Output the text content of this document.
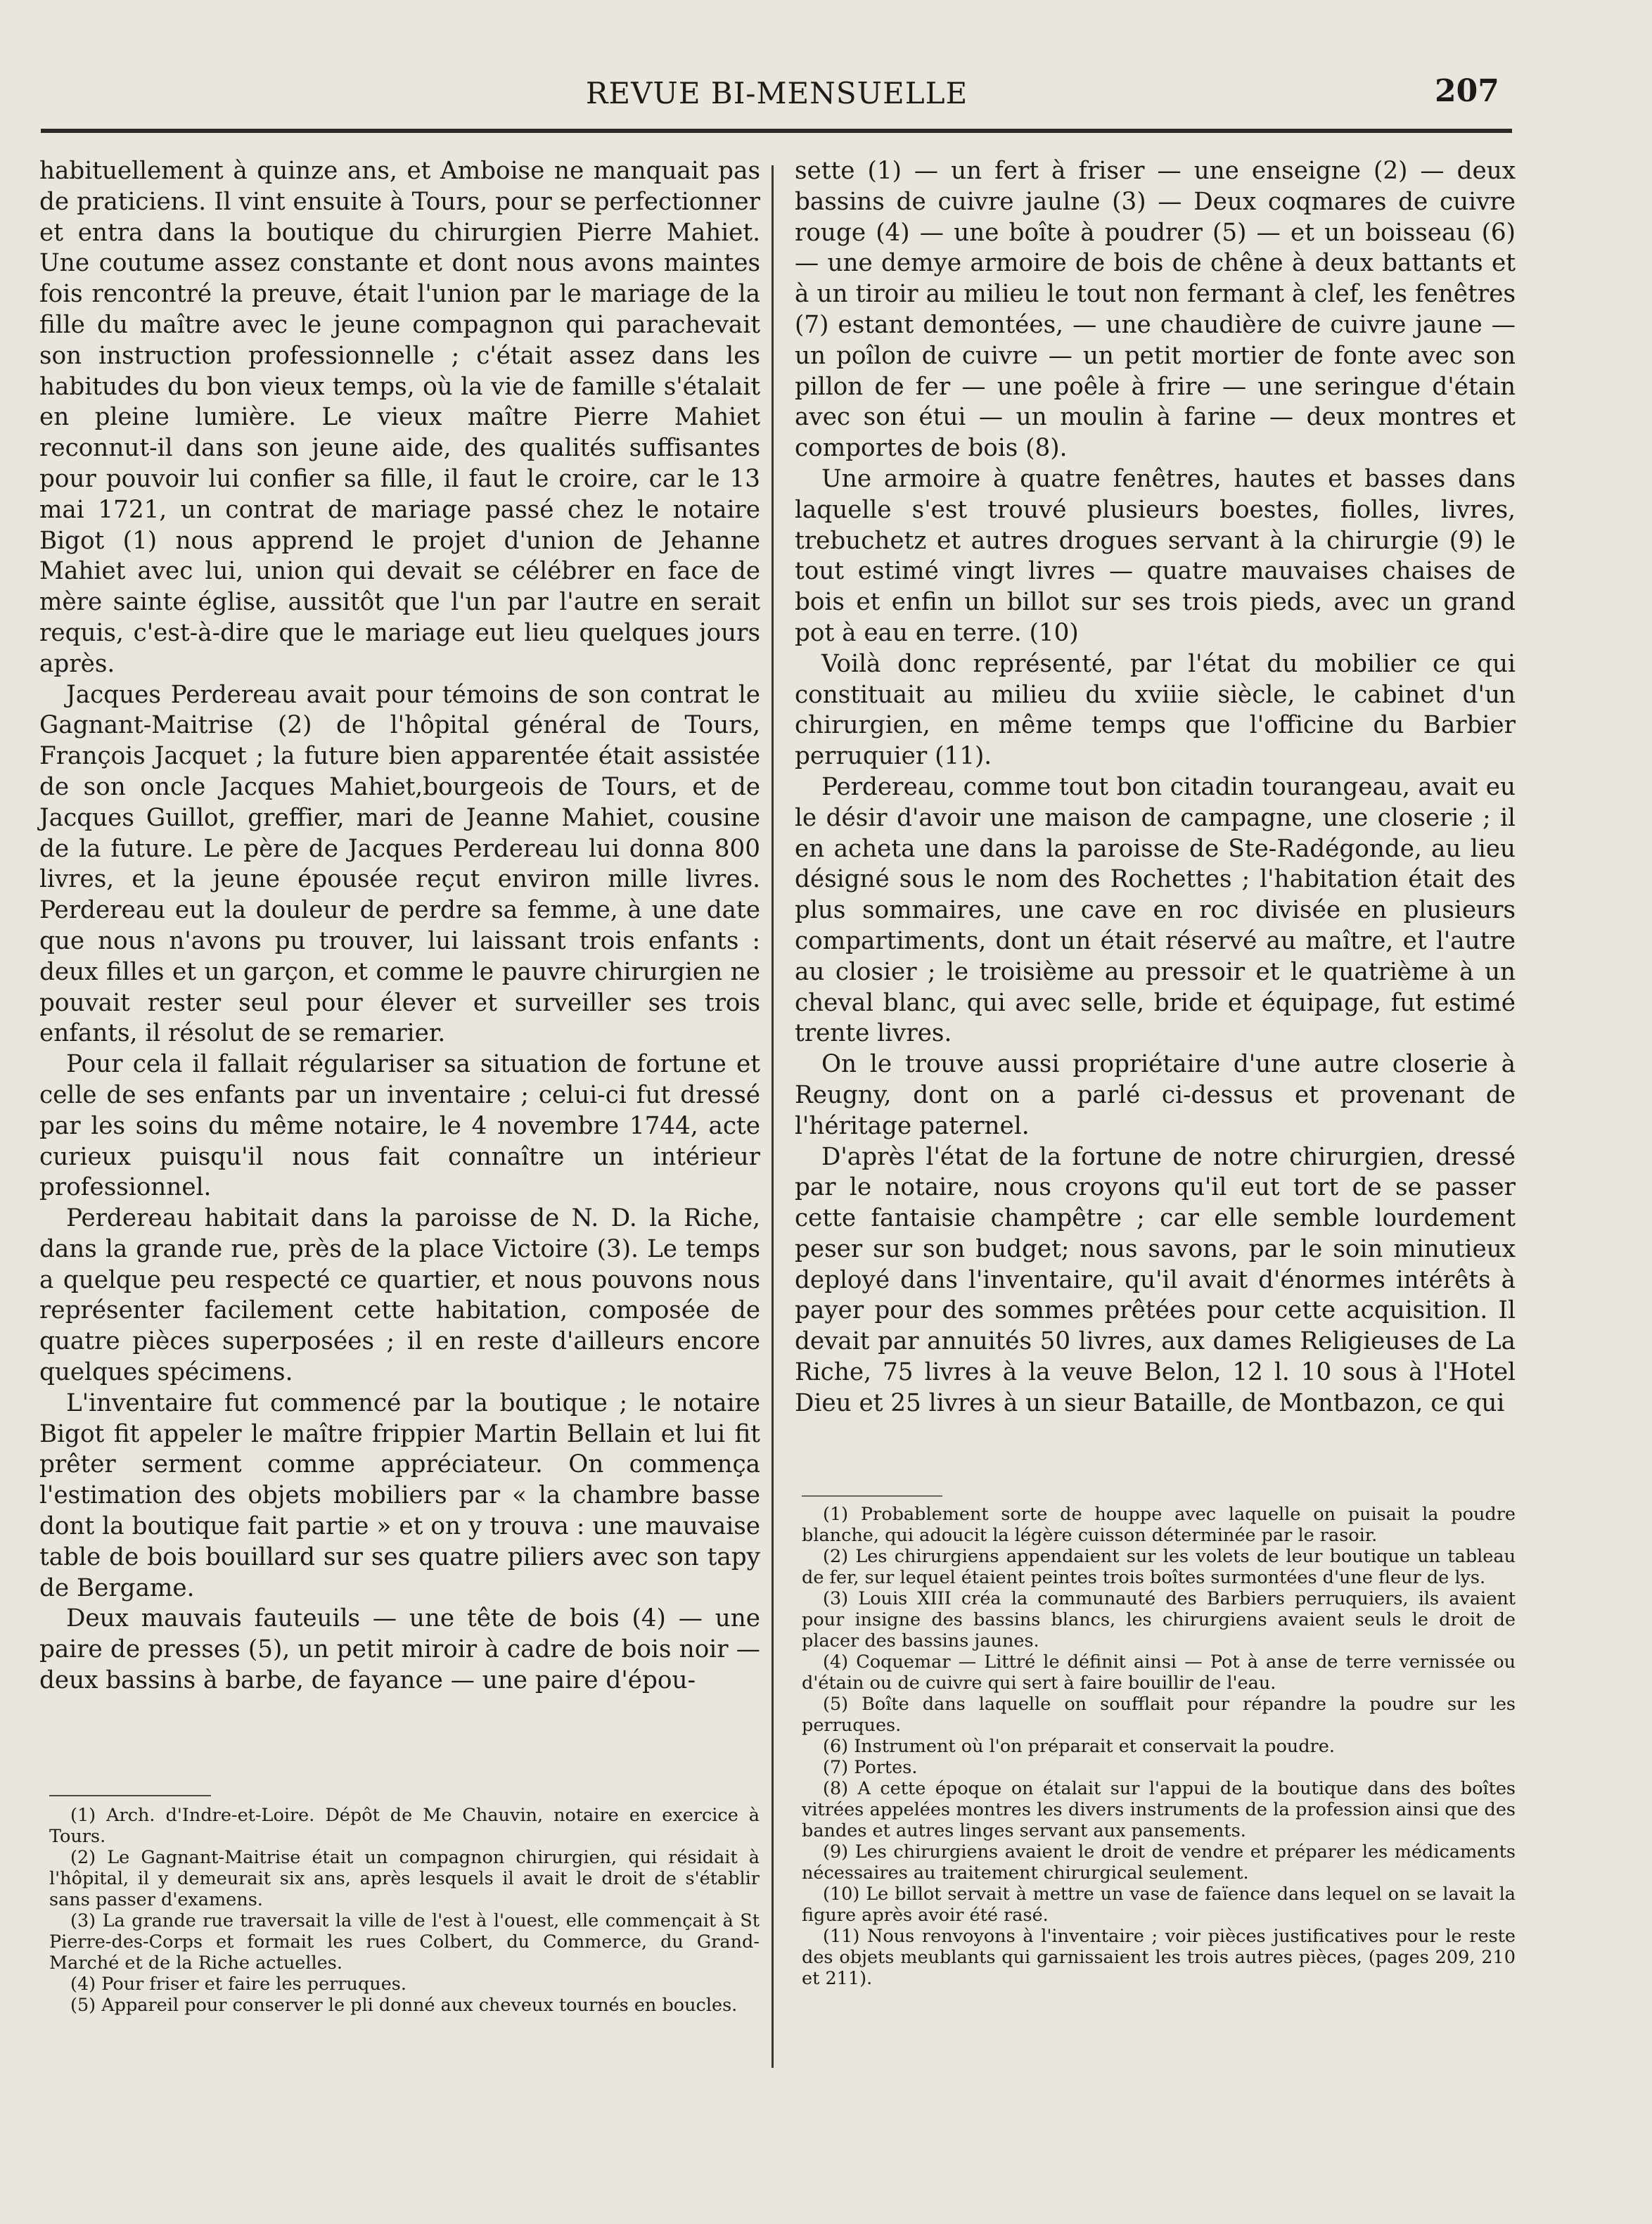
REVUE BI-MENSUELLE	207

habituellement à quinze ans, et Amboise ne manquait pas de praticiens. Il vint ensuite à Tours, pour se perfectionner et entra dans la boutique du chirurgien Pierre Mahiet. Une coutume assez constante et dont nous avons maintes fois rencontré la preuve, était l'union par le mariage de la fille du maître avec le jeune compagnon qui parachevait son instruction professionnelle ; c'était assez dans les habitudes du bon vieux temps, où la vie de famille s'étalait en pleine lumière. Le vieux maître Pierre Mahiet reconnut-il dans son jeune aide, des qualités suffisantes pour pouvoir lui confier sa fille, il faut le croire, car le 13 mai 1721, un contrat de mariage passé chez le notaire Bigot (1) nous apprend le projet d'union de Jehanne Mahiet avec lui, union qui devait se célébrer en face de mère sainte église, aussitôt que l'un par l'autre en serait requis, c'est-à-dire que le mariage eut lieu quelques jours après.

Jacques Perdereau avait pour témoins de son contrat le Gagnant-Maitrise (2) de l'hôpital général de Tours, François Jacquet ; la future bien apparentée était assistée de son oncle Jacques Mahiet,bourgeois de Tours, et de Jacques Guillot, greffier, mari de Jeanne Mahiet, cousine de la future. Le père de Jacques Perdereau lui donna 800 livres, et la jeune épousée reçut environ mille livres. Perdereau eut la douleur de perdre sa femme, à une date que nous n'avons pu trouver, lui laissant trois enfants : deux filles et un garçon, et comme le pauvre chirurgien ne pouvait rester seul pour élever et surveiller ses trois enfants, il résolut de se remarier.

Pour cela il fallait régulariser sa situation de fortune et celle de ses enfants par un inventaire ; celui-ci fut dressé par les soins du même notaire, le 4 novembre 1744, acte curieux puisqu'il nous fait connaître un intérieur professionnel.

Perdereau habitait dans la paroisse de N. D. la Riche, dans la grande rue, près de la place Victoire (3). Le temps a quelque peu respecté ce quartier, et nous pouvons nous représenter facilement cette habitation, composée de quatre pièces superposées ; il en reste d'ailleurs encore quelques spécimens.

L'inventaire fut commencé par la boutique ; le notaire Bigot fit appeler le maître frippier Martin Bellain et lui fit prêter serment comme appréciateur. On commença l'estimation des objets mobiliers par « la chambre basse dont la boutique fait partie » et on y trouva : une mauvaise table de bois bouillard sur ses quatre piliers avec son tapy de Bergame.

Deux mauvais fauteuils — une tête de bois (4) — une paire de presses (5), un petit miroir à cadre de bois noir — deux bassins à barbe, de fayance — une paire d'épou-

(1) Arch. d'Indre-et-Loire. Dépôt de Me Chauvin, notaire en exercice à Tours.

(2) Le Gagnant-Maitrise était un compagnon chirurgien, qui résidait à l'hôpital, il y demeurait six ans, après lesquels il avait le droit de s'établir sans passer d'examens.

(3) La grande rue traversait la ville de l'est à l'ouest, elle commençait à St Pierre-des-Corps et formait les rues Colbert, du Commerce, du Grand-Marché et de la Riche actuelles.

(4) Pour friser et faire les perruques.

(5) Appareil pour conserver le pli donné aux cheveux tournés en boucles.

sette (1) — un fert à friser — une enseigne (2) — deux bassins de cuivre jaulne (3) — Deux coqmares de cuivre rouge (4) — une boîte à poudrer (5) — et un boisseau (6) — une demye armoire de bois de chêne à deux battants et à un tiroir au milieu le tout non fermant à clef, les fenêtres (7) estant demontées, — une chaudière de cuivre jaune — un poîlon de cuivre — un petit mortier de fonte avec son pillon de fer — une poêle à frire — une seringue d'étain avec son étui — un moulin à farine — deux montres et comportes de bois (8).

Une armoire à quatre fenêtres, hautes et basses dans laquelle s'est trouvé plusieurs boestes, fiolles, livres, trebuchetz et autres drogues servant à la chirurgie (9) le tout estimé vingt livres — quatre mauvaises chaises de bois et enfin un billot sur ses trois pieds, avec un grand pot à eau en terre. (10)

Voilà donc représenté, par l'état du mobilier ce qui constituait au milieu du xviiie siècle, le cabinet d'un chirurgien, en même temps que l'officine du Barbier perruquier (11).

Perdereau, comme tout bon citadin tourangeau, avait eu le désir d'avoir une maison de campagne, une closerie ; il en acheta une dans la paroisse de Ste-Radégonde, au lieu désigné sous le nom des Rochettes ; l'habitation était des plus sommaires, une cave en roc divisée en plusieurs compartiments, dont un était réservé au maître, et l'autre au closier ; le troisième au pressoir et le quatrième à un cheval blanc, qui avec selle, bride et équipage, fut estimé trente livres.

On le trouve aussi propriétaire d'une autre closerie à Reugny, dont on a parlé ci-dessus et provenant de l'héritage paternel.

D'après l'état de la fortune de notre chirurgien, dressé par le notaire, nous croyons qu'il eut tort de se passer cette fantaisie champêtre ; car elle semble lourdement peser sur son budget; nous savons, par le soin minutieux deployé dans l'inventaire, qu'il avait d'énormes intérêts à payer pour des sommes prêtées pour cette acquisition. Il devait par annuités 50 livres, aux dames Religieuses de La Riche, 75 livres à la veuve Belon, 12 l. 10 sous à l'Hotel Dieu et 25 livres à un sieur Bataille, de Montbazon, ce qui

(1) Probablement sorte de houppe avec laquelle on puisait la poudre blanche, qui adoucit la légère cuisson déterminée par le rasoir.

(2) Les chirurgiens appendaient sur les volets de leur boutique un tableau de fer, sur lequel étaient peintes trois boîtes surmontées d'une fleur de lys.

(3) Louis XIII créa la communauté des Barbiers perruquiers, ils avaient pour insigne des bassins blancs, les chirurgiens avaient seuls le droit de placer des bassins jaunes.

(4) Coquemar — Littré le définit ainsi — Pot à anse de terre vernissée ou d'étain ou de cuivre qui sert à faire bouillir de l'eau.

(5) Boîte dans laquelle on soufflait pour répandre la poudre sur les perruques.

(6) Instrument où l'on préparait et conservait la poudre.

(7) Portes.

(8) A cette époque on étalait sur l'appui de la boutique dans des boîtes vitrées appelées montres les divers instruments de la profession ainsi que des bandes et autres linges servant aux pansements.

(9) Les chirurgiens avaient le droit de vendre et préparer les médicaments nécessaires au traitement chirurgical seulement.

(10) Le billot servait à mettre un vase de faïence dans lequel on se lavait la figure après avoir été rasé.

(11) Nous renvoyons à l'inventaire ; voir pièces justificatives pour le reste des objets meublants qui garnissaient les trois autres pièces, (pages 209, 210 et 211).
